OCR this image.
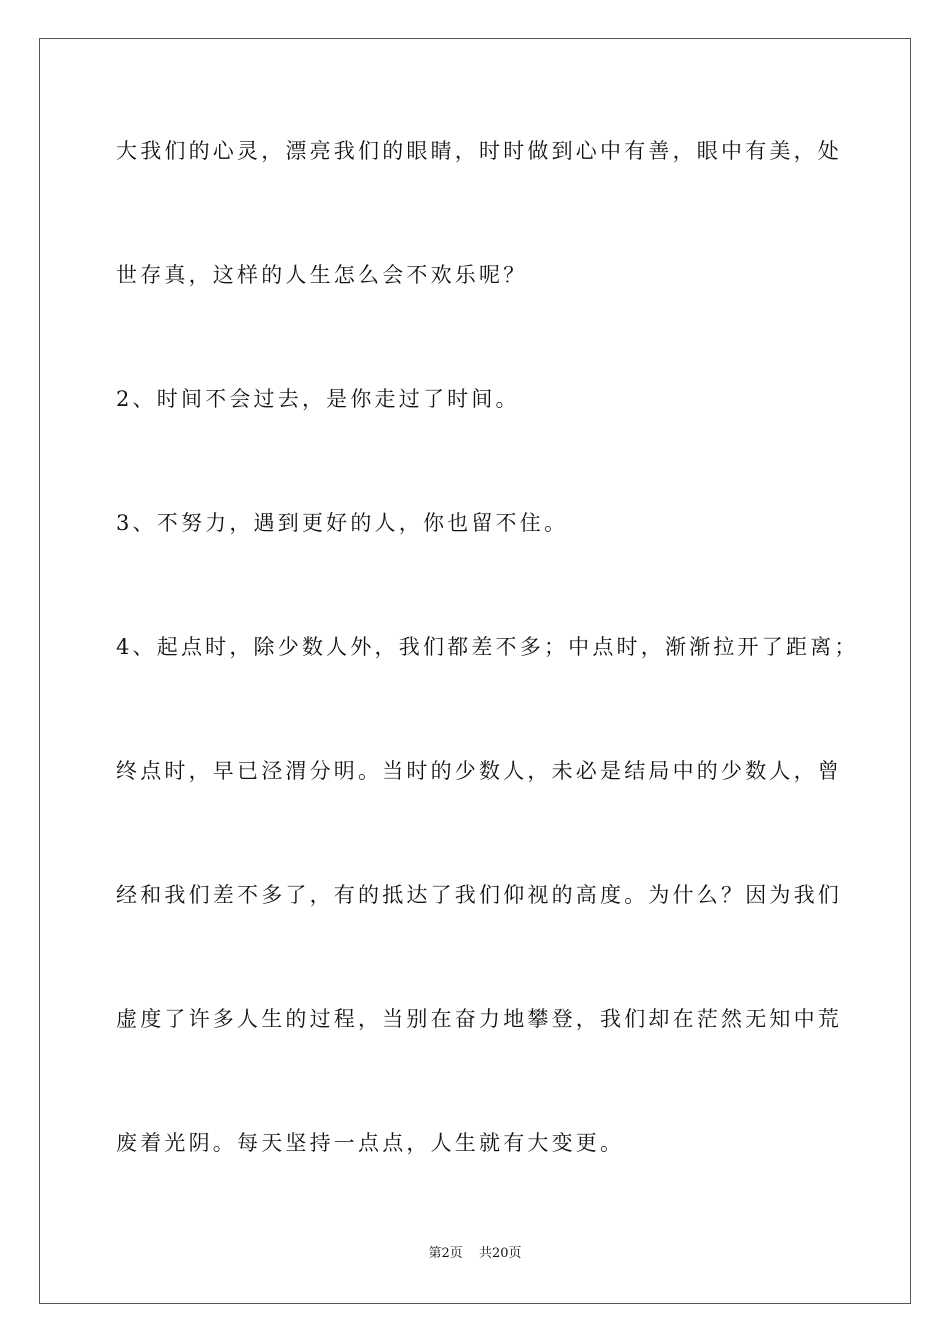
大我们的心灵，漂亮我们的眼睛，时时做到心中有善，眼中有美，处
世存真，这样的人生怎么会不欢乐呢？
2、时间不会过去，是你走过了时间。
3、不努力，遇到更好的人，你也留不住。
4、起点时，除少数人外，我们都差不多；中点时，渐渐拉开了距离；
终点时，早已泾渭分明。当时的少数人，未必是结局中的少数人，曾
经和我们差不多了，有的抵达了我们仰视的高度。为什么？因为我们
虚度了许多人生的过程，当别在奋力地攀登，我们却在茫然无知中荒
废着光阴。每天坚持一点点，人生就有大变更。
第2页 共20页
